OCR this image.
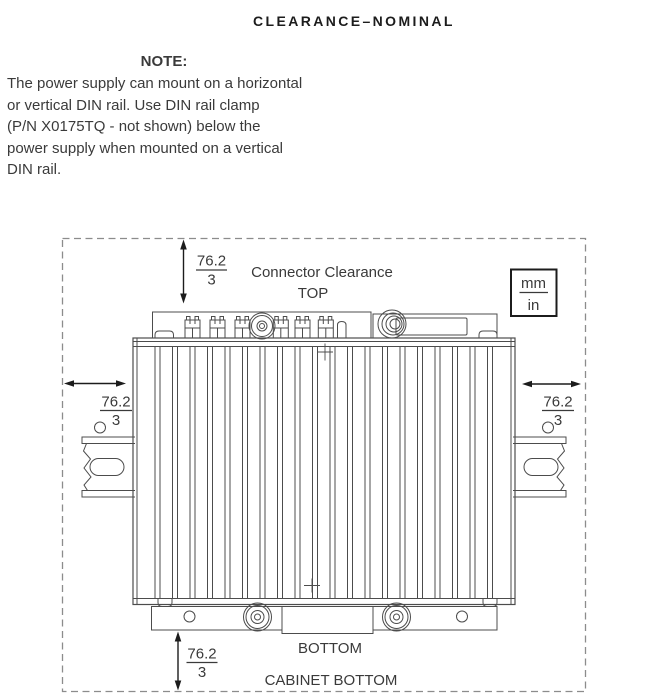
CLEARANCE–NOMINAL
NOTE:
The power supply can mount on a horizontal
or vertical DIN rail. Use DIN rail clamp
(P/N X0175TQ - not shown) below the
power supply when mounted on a vertical
DIN rail.
76.2
3 Connector Clearance
TOP
mm
in
76.2
3
76.2
3
76.2
3
BOTTOM
CABINET BOTTOM
